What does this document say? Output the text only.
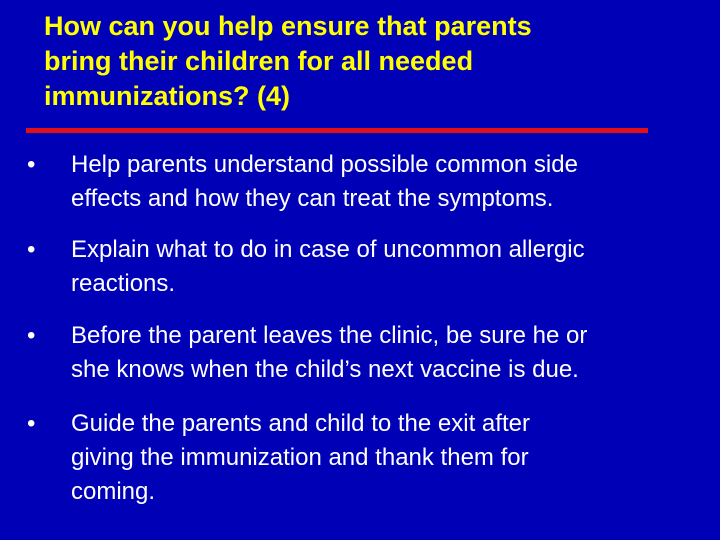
How can you help ensure that parents
bring their children for all needed
immunizations? (4)
• Help parents understand possible common side
effects and how they can treat the symptoms.
• Explain what to do in case of uncommon allergic
reactions.
• Before the parent leaves the clinic, be sure he or
she knows when the child’s next vaccine is due.
• Guide the parents and child to the exit after
giving the immunization and thank them for
coming.
